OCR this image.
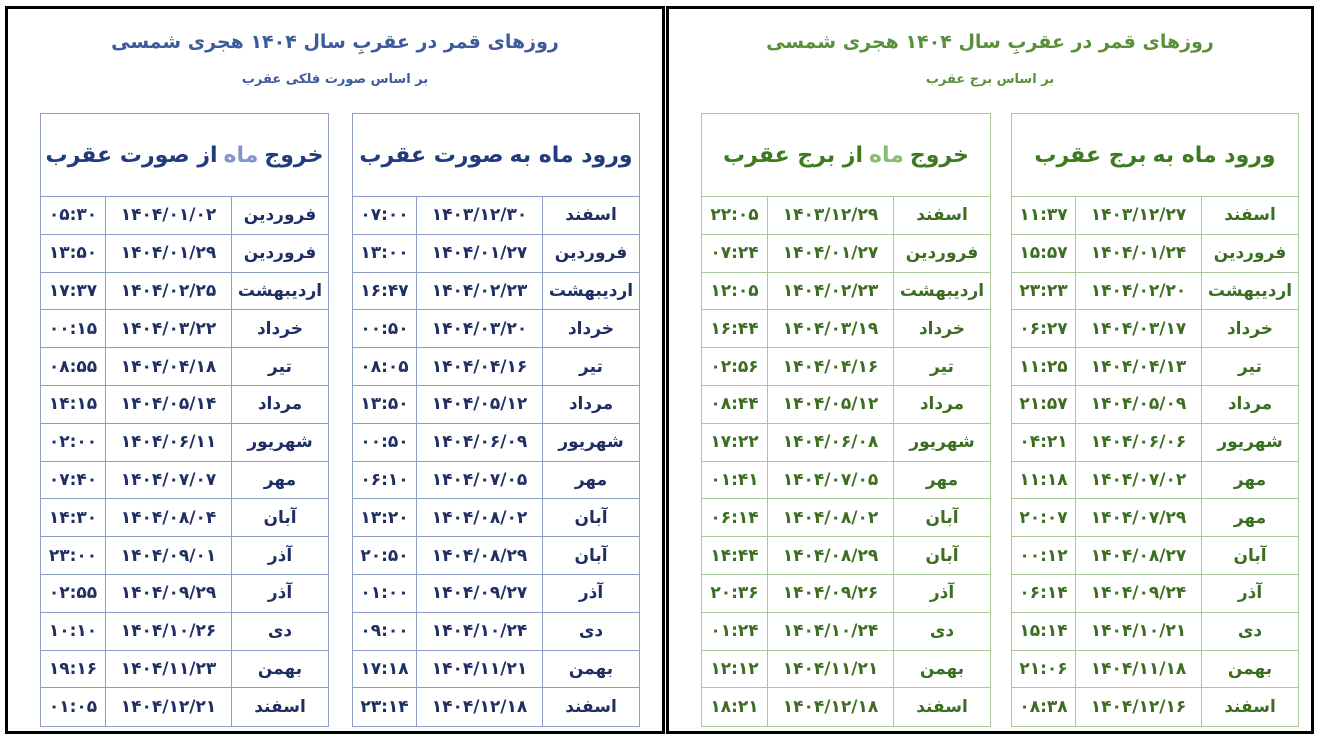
روزهای قمر در عقربِ سال ۱۴۰۴ هجری شمسی
بر اساس صورت فلکی عقرب
ورود ماه به
صورت عقرب
اسفند
۱۴۰۳/۱۲/۳۰
۰۷:۰۰
فروردین
۱۴۰۴/۰۱/۲۷
۱۳:۰۰
اردیبهشت
۱۴۰۴/۰۲/۲۳
۱۶:۴۷
خرداد
۱۴۰۴/۰۳/۲۰
۰۰:۵۰
تیر
۱۴۰۴/۰۴/۱۶
۰۸:۰۵
مرداد
۱۴۰۴/۰۵/۱۲
۱۳:۵۰
شهریور
۱۴۰۴/۰۶/۰۹
۰۰:۵۰
مهر
۱۴۰۴/۰۷/۰۵
۰۶:۱۰
آبان
۱۴۰۴/۰۸/۰۲
۱۳:۲۰
آبان
۱۴۰۴/۰۸/۲۹
۲۰:۵۰
آذر
۱۴۰۴/۰۹/۲۷
۰۱:۰۰
دی
۱۴۰۴/۱۰/۲۴
۰۹:۰۰
بهمن
۱۴۰۴/۱۱/۲۱
۱۷:۱۸
اسفند
۱۴۰۴/۱۲/۱۸
۲۳:۱۴
خروج
ماه
از صورت عقرب
فروردین
۱۴۰۴/۰۱/۰۲
۰۵:۳۰
فروردین
۱۴۰۴/۰۱/۲۹
۱۳:۵۰
اردیبهشت
۱۴۰۴/۰۲/۲۵
۱۷:۳۷
خرداد
۱۴۰۴/۰۳/۲۲
۰۰:۱۵
تیر
۱۴۰۴/۰۴/۱۸
۰۸:۵۵
مرداد
۱۴۰۴/۰۵/۱۴
۱۴:۱۵
شهریور
۱۴۰۴/۰۶/۱۱
۰۲:۰۰
مهر
۱۴۰۴/۰۷/۰۷
۰۷:۴۰
آبان
۱۴۰۴/۰۸/۰۴
۱۴:۳۰
آذر
۱۴۰۴/۰۹/۰۱
۲۳:۰۰
آذر
۱۴۰۴/۰۹/۲۹
۰۲:۵۵
دی
۱۴۰۴/۱۰/۲۶
۱۰:۱۰
بهمن
۱۴۰۴/۱۱/۲۳
۱۹:۱۶
اسفند
۱۴۰۴/۱۲/۲۱
۰۱:۰۵
روزهای قمر در عقربِ سال ۱۴۰۴ هجری شمسی
بر اساس برج عقرب
ورود ماه به
برج عقرب
اسفند
۱۴۰۳/۱۲/۲۷
۱۱:۳۷
فروردین
۱۴۰۴/۰۱/۲۴
۱۵:۵۷
اردیبهشت
۱۴۰۴/۰۲/۲۰
۲۳:۲۳
خرداد
۱۴۰۴/۰۳/۱۷
۰۶:۲۷
تیر
۱۴۰۴/۰۴/۱۳
۱۱:۲۵
مرداد
۱۴۰۴/۰۵/۰۹
۲۱:۵۷
شهریور
۱۴۰۴/۰۶/۰۶
۰۴:۲۱
مهر
۱۴۰۴/۰۷/۰۲
۱۱:۱۸
مهر
۱۴۰۴/۰۷/۲۹
۲۰:۰۷
آبان
۱۴۰۴/۰۸/۲۷
۰۰:۱۲
آذر
۱۴۰۴/۰۹/۲۴
۰۶:۱۴
دی
۱۴۰۴/۱۰/۲۱
۱۵:۱۴
بهمن
۱۴۰۴/۱۱/۱۸
۲۱:۰۶
اسفند
۱۴۰۴/۱۲/۱۶
۰۸:۳۸
خروج
ماه
از برج عقرب
اسفند
۱۴۰۳/۱۲/۲۹
۲۲:۰۵
فروردین
۱۴۰۴/۰۱/۲۷
۰۷:۲۴
اردیبهشت
۱۴۰۴/۰۲/۲۳
۱۲:۰۵
خرداد
۱۴۰۴/۰۳/۱۹
۱۶:۴۴
تیر
۱۴۰۴/۰۴/۱۶
۰۲:۵۶
مرداد
۱۴۰۴/۰۵/۱۲
۰۸:۴۴
شهریور
۱۴۰۴/۰۶/۰۸
۱۷:۲۲
مهر
۱۴۰۴/۰۷/۰۵
۰۱:۴۱
آبان
۱۴۰۴/۰۸/۰۲
۰۶:۱۴
آبان
۱۴۰۴/۰۸/۲۹
۱۴:۴۴
آذر
۱۴۰۴/۰۹/۲۶
۲۰:۳۶
دی
۱۴۰۴/۱۰/۲۴
۰۱:۲۴
بهمن
۱۴۰۴/۱۱/۲۱
۱۲:۱۲
اسفند
۱۴۰۴/۱۲/۱۸
۱۸:۲۱
